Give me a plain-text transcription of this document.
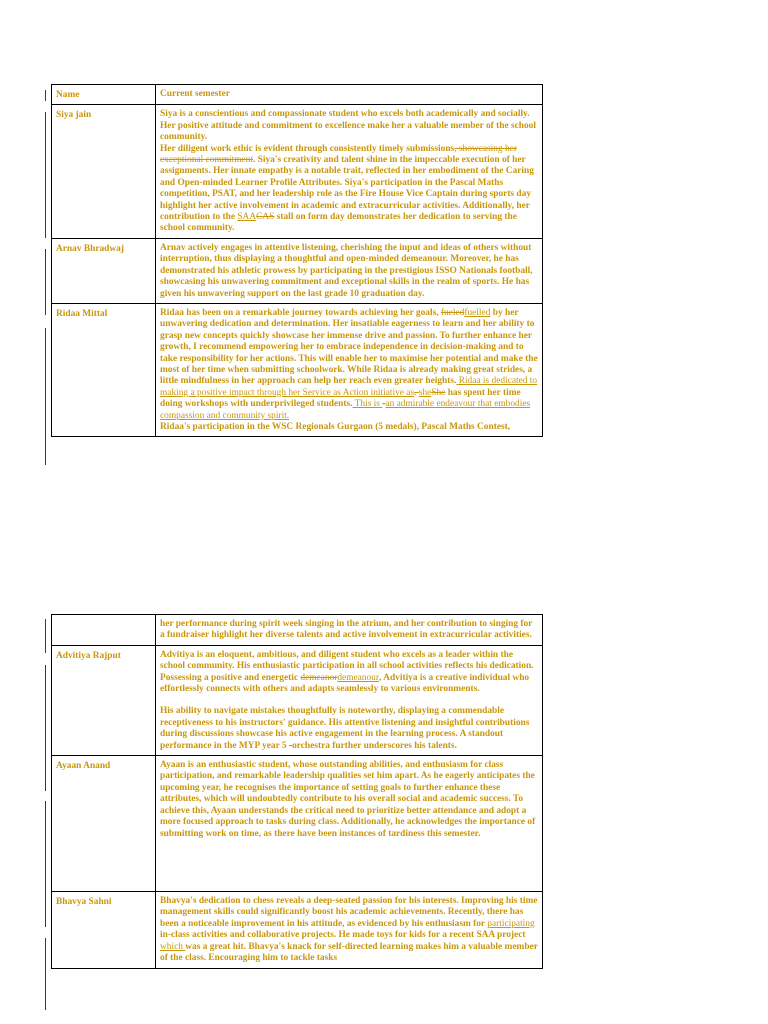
Name	Current semester
Siya jain	Siya is a conscientious and compassionate student who excels both academically and socially. Her positive attitude and commitment to excellence make her a valuable member of the school community.
Her diligent work ethic is evident through consistently timely submissions, showcasing her exceptional commitment. Siya's creativity and talent shine in the impeccable execution of her assignments. Her innate empathy is a notable trait, reflected in her embodiment of the Caring and Open-minded Learner Profile Attributes. Siya's participation in the Pascal Maths competition, PSAT, and her leadership role as the Fire House Vice Captain during sports day highlight her active involvement in academic and extracurricular activities. Additionally, her contribution to the SAACAS stall on form day demonstrates her dedication to serving the school community.

Arnav Bhradwaj	Arnav actively engages in attentive listening, cherishing the input and ideas of others without interruption, thus displaying a thoughtful and open-minded demeanour. Moreover, he has demonstrated his athletic prowess by participating in the prestigious ISSO Nationals football, showcasing his unwavering commitment and exceptional skills in the realm of sports. He has given his unwavering support on the last grade 10 graduation day.

Ridaa Mittal	Ridaa has been on a remarkable journey towards achieving her goals, fueledfuelled by her unwavering dedication and determination. Her insatiable eagerness to learn and her ability to grasp new concepts quickly showcase her immense drive and passion. To further enhance her growth, I recommend empowering her to embrace independence in decision-making and to take responsibility for her actions. This will enable her to maximise her potential and make the most of her time when submitting schoolwork. While Ridaa is already making great strides, a little mindfulness in her approach can help her reach even greater heights. Ridaa is dedicated to making a positive impact through her Service as Action initiative as. sheShe has spent her time doing workshops with underprivileged students. This is -an admirable endeavour that embodies compassion and community spirit.
Ridaa's participation in the WSC Regionals Gurgaon (5 medals), Pascal Maths Contest,

	her performance during spirit week singing in the atrium, and her contribution to singing for a fundraiser highlight her diverse talents and active involvement in extracurricular activities.

Advitiya Rajput	Advitiya is an eloquent, ambitious, and diligent student who excels as a leader within the school community. His enthusiastic participation in all school activities reflects his dedication. Possessing a positive and energetic demeanordemeanour, Advitiya is a creative individual who effortlessly connects with others and adapts seamlessly to various environments.

His ability to navigate mistakes thoughtfully is noteworthy, displaying a commendable receptiveness to his instructors' guidance. His attentive listening and insightful contributions during discussions showcase his active engagement in the learning process. A standout performance in the MYP year 5 -orchestra further underscores his talents.

Ayaan Anand	Ayaan is an enthusiastic student, whose outstanding abilities, and enthusiasm for class participation, and remarkable leadership qualities set him apart. As he eagerly anticipates the upcoming year, he recognises the importance of setting goals to further enhance these attributes, which will undoubtedly contribute to his overall social and academic success. To achieve this, Ayaan understands the critical need to prioritize better attendance and adopt a more focused approach to tasks during class. Additionally, he acknowledges the importance of submitting work on time, as there have been instances of tardiness this semester.

Bhavya Sahni	Bhavya's dedication to chess reveals a deep-seated passion for his interests. Improving his time management skills could significantly boost his academic achievements. Recently, there has been a noticeable improvement in his attitude, as evidenced by his enthusiasm for participating in-class activities and collaborative projects. He made toys for kids for a recent SAA project which was a great hit. Bhavya's knack for self-directed learning makes him a valuable member of the class. Encouraging him to tackle tasks
